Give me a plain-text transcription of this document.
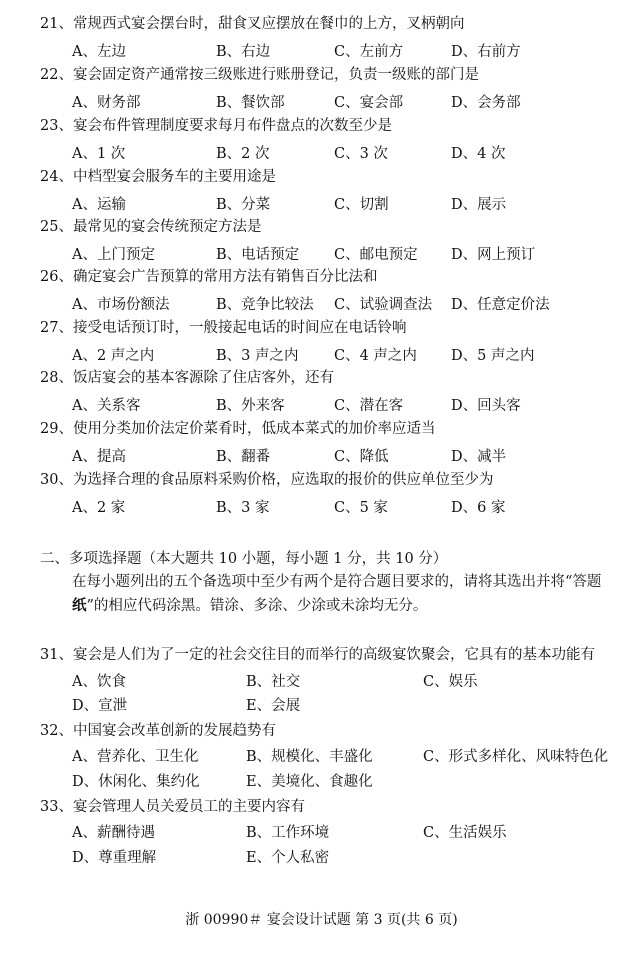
21、常规西式宴会摆台时，甜食叉应摆放在餐巾的上方，叉柄朝向
A、左边	B、右边	C、左前方	D、右前方
22、宴会固定资产通常按三级账进行账册登记，负责一级账的部门是
A、财务部	B、餐饮部	C、宴会部	D、会务部
23、宴会布件管理制度要求每月布件盘点的次数至少是
A、1 次	B、2 次	C、3 次	D、4 次
24、中档型宴会服务车的主要用途是
A、运输	B、分菜	C、切割	D、展示
25、最常见的宴会传统预定方法是
A、上门预定	B、电话预定 C、邮电预定 D、网上预订
26、确定宴会广告预算的常用方法有销售百分比法和
A、市场份额法	B、竞争比较法 C、试验调查法 D、任意定价法
27、接受电话预订时，一般接起电话的时间应在电话铃响
A、2 声之内	B、3 声之内 C、4 声之内 D、5 声之内
28、饭店宴会的基本客源除了住店客外，还有
A、关系客	B、外来客	C、潜在客	D、回头客
29、使用分类加价法定价菜肴时，低成本菜式的加价率应适当
A、提高	B、翻番	C、降低	D、减半
30、为选择合理的食品原料采购价格，应选取的报价的供应单位至少为
A、2 家	B、3 家	C、5 家	D、6 家
二、多项选择题（本大题共 10 小题，每小题 1 分，共 10 分）
在每小题列出的五个备选项中至少有两个是符合题目要求的，请将其选出并将“答题纸”的相应代码涂黑。错涂、多涂、少涂或未涂均无分。
31、宴会是人们为了一定的社会交往目的而举行的高级宴饮聚会，它具有的基本功能有
A、饮食	B、社交	C、娱乐
D、宣泄	E、会展
32、中国宴会改革创新的发展趋势有
A、营养化、卫生化	B、规模化、丰盛化	C、形式多样化、风味特色化
D、休闲化、集约化	E、美境化、食趣化
33、宴会管理人员关爱员工的主要内容有
A、薪酬待遇	B、工作环境	C、生活娱乐
D、尊重理解	E、个人私密
浙 00990＃ 宴会设计试题 第 3 页(共 6 页)
